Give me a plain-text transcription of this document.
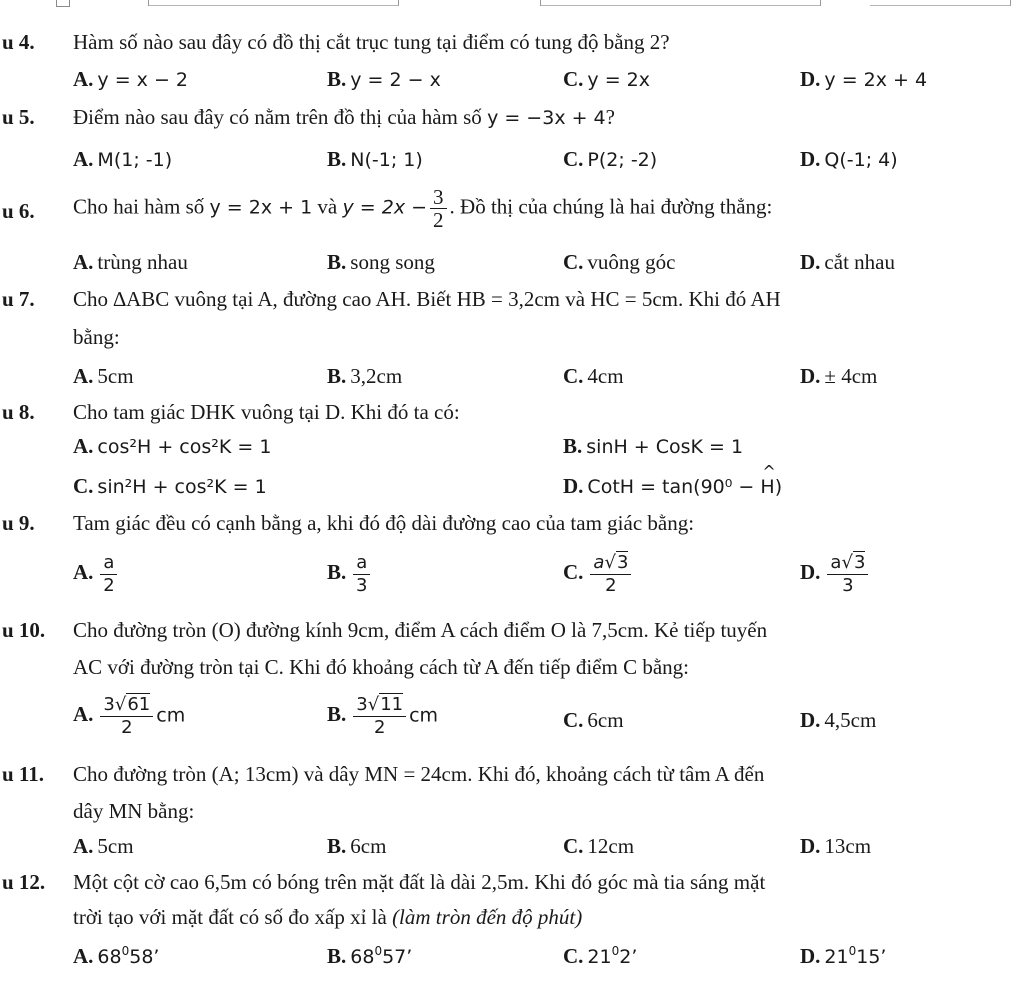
u 4. Hàm số nào sau đây có đồ thị cắt trục tung tại điểm có tung độ bằng 2?
A. y = x − 2	B. y = 2 − x	C. y = 2x	D. y = 2x + 4
u 5. Điểm nào sau đây có nằm trên đồ thị của hàm số y = −3x + 4?
A. M(1; -1)	B. N(-1; 1)	C. P(2; -2)	D. Q(-1; 4)
u 6. Cho hai hàm số y = 2x + 1 và $y = 2x - \frac{3}{2}$ . Đồ thị của chúng là hai đường thẳng:
A. trùng nhau	B. song song	C. vuông góc	D. cắt nhau
u 7. Cho ∆ABC vuông tại A, đường cao AH. Biết HB = 3,2cm và HC = 5cm. Khi đó AH
bằng:
A. 5cm	B. 3,2cm	C. 4cm	D. ± 4cm
u 8. Cho tam giác DHK vuông tại D. Khi đó ta có:
A. cos²H + cos²K = 1	B. sinH + CosK = 1
C. sin²H + cos²K = 1	D. CotH = tan(90⁰ − ^ H)
u 9. Tam giác đều có cạnh bằng a, khi đó độ dài đường cao của tam giác bằng:
A. $\frac{a}{2}$	B. $\frac{a}{3}$	C. $\frac{a√3}{2}$	D. $\frac{a√3}{3}$
u 10. Cho đường tròn (O) đường kính 9cm, điểm A cách điểm O là 7,5cm. Kẻ tiếp tuyến
AC với đường tròn tại C. Khi đó khoảng cách từ A đến tiếp điểm C bằng:
A. $\frac{3√61}{2}$ cm	B. $\frac{3√11}{2}$ cm	C. 6cm	D. 4,5cm
u 11. Cho đường tròn (A; 13cm) và dây MN = 24cm. Khi đó, khoảng cách từ tâm A đến
dây MN bằng:
A. 5cm	B. 6cm	C. 12cm	D. 13cm
u 12. Một cột cờ cao 6,5m có bóng trên mặt đất là dài 2,5m. Khi đó góc mà tia sáng mặt
trời tạo với mặt đất có số đo xấp xỉ là (làm tròn đến độ phút)
A. $68^058$’	B. $68^057$’	C. $21^02$’	D. $21^015$’
